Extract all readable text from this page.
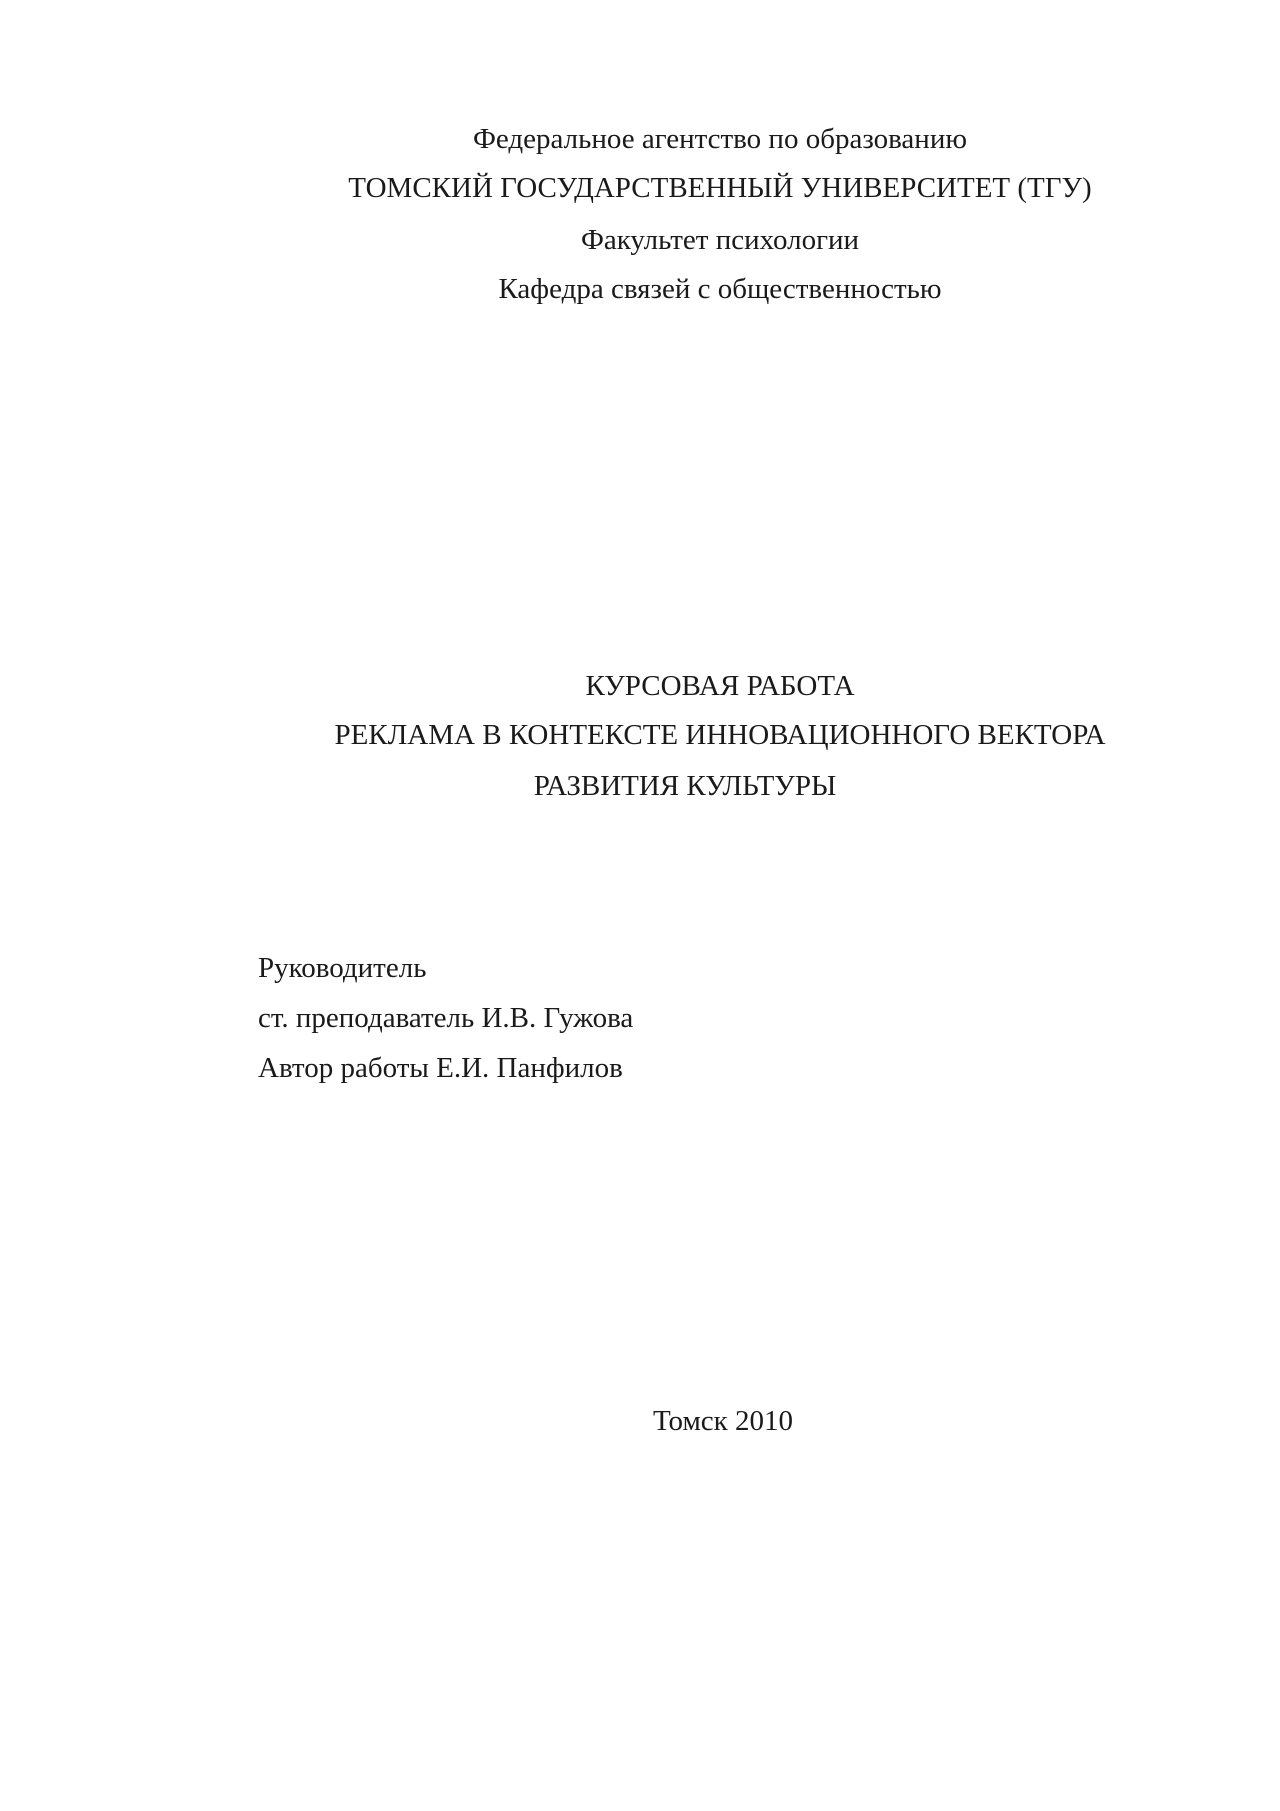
Федеральное агентство по образованию
ТОМСКИЙ ГОСУДАРСТВЕННЫЙ УНИВЕРСИТЕТ (ТГУ)
Факультет психологии
Кафедра связей с общественностью
КУРСОВАЯ РАБОТА
РЕКЛАМА В КОНТЕКСТЕ ИННОВАЦИОННОГО ВЕКТОРА
РАЗВИТИЯ КУЛЬТУРЫ
Руководитель
ст. преподаватель И.В. Гужова
Автор работы Е.И. Панфилов
Томск 2010
